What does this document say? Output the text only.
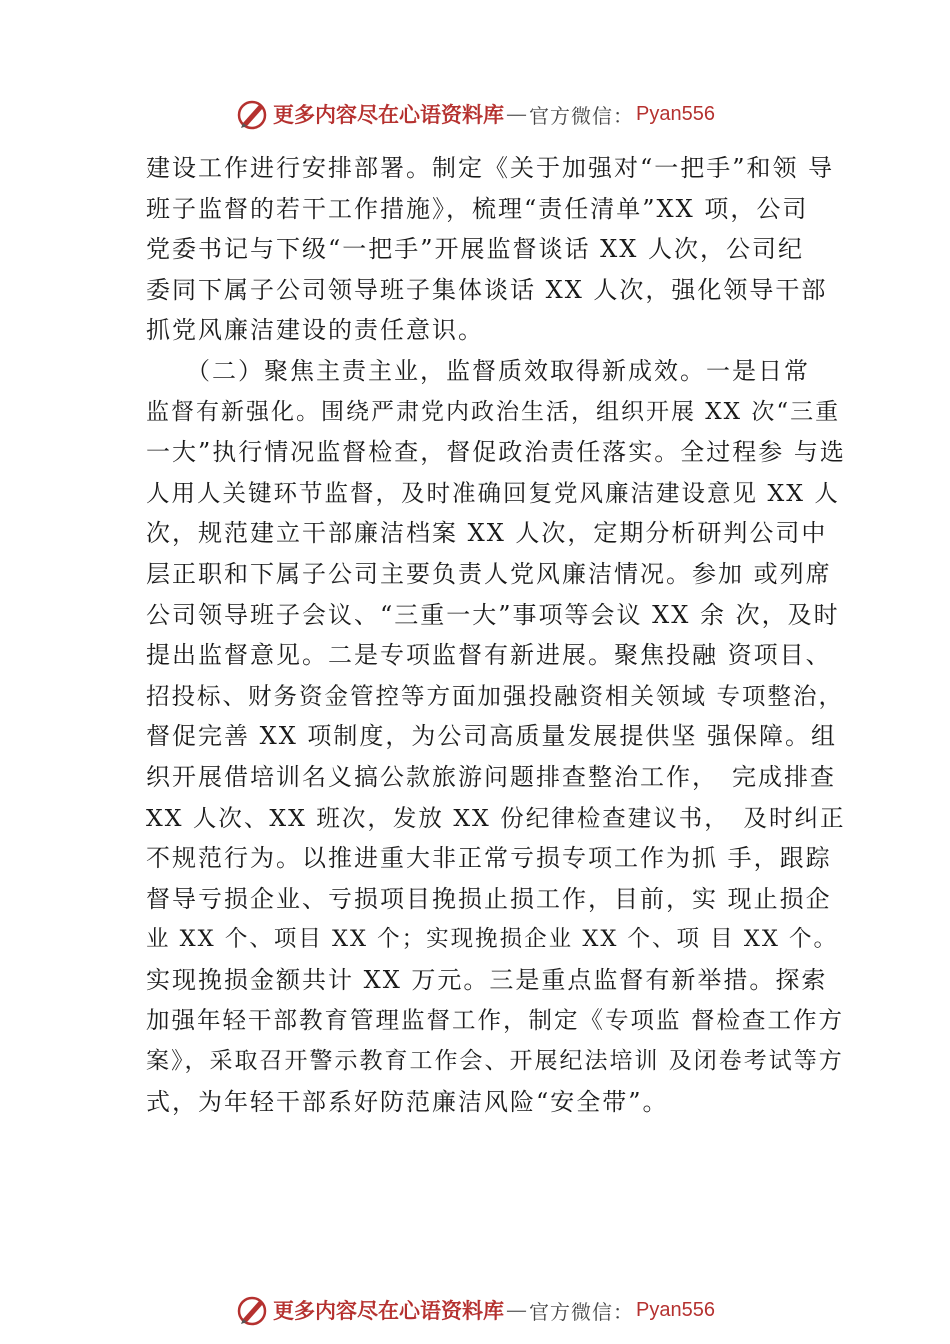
更多内容尽在心语资料库 — 官方微信： Pyan556
建设工作进行安排部署。制定《关于加强对“一把手”和领 导
班子监督的若干工作措施》，梳理“责任清单”XX 项，公司
党委书记与下级“一把手”开展监督谈话 XX 人次，公司纪
委同下属子公司领导班子集体谈话 XX 人次，强化领导干部
抓党风廉洁建设的责任意识。
　　（二）聚焦主责主业，监督质效取得新成效。一是日常
监督有新强化。围绕严肃党内政治生活，组织开展 XX 次“三重
一大”执行情况监督检查，督促政治责任落实。全过程参 与选
人用人关键环节监督，及时准确回复党风廉洁建设意见 XX 人
次，规范建立干部廉洁档案 XX 人次，定期分析研判公司中
层正职和下属子公司主要负责人党风廉洁情况。参加 或列席
公司领导班子会议、“三重一大”事项等会议 XX 余 次，及时
提出监督意见。二是专项监督有新进展。聚焦投融 资项目、
招投标、财务资金管控等方面加强投融资相关领域 专项整治，
督促完善 XX 项制度，为公司高质量发展提供坚 强保障。组
织开展借培训名义搞公款旅游问题排查整治工作，　完成排查
XX 人次、XX 班次，发放 XX 份纪律检查建议书，　及时纠正
不规范行为。以推进重大非正常亏损专项工作为抓 手，跟踪
督导亏损企业、亏损项目挽损止损工作，目前，实 现止损企
业 XX 个、项目 XX 个；实现挽损企业 XX 个、项 目 XX 个。
实现挽损金额共计 XX 万元。三是重点监督有新举措。探索
加强年轻干部教育管理监督工作，制定《专项监 督检查工作方
案》，采取召开警示教育工作会、开展纪法培训 及闭卷考试等方
式，为年轻干部系好防范廉洁风险“安全带”。
更多内容尽在心语资料库 — 官方微信： Pyan556
